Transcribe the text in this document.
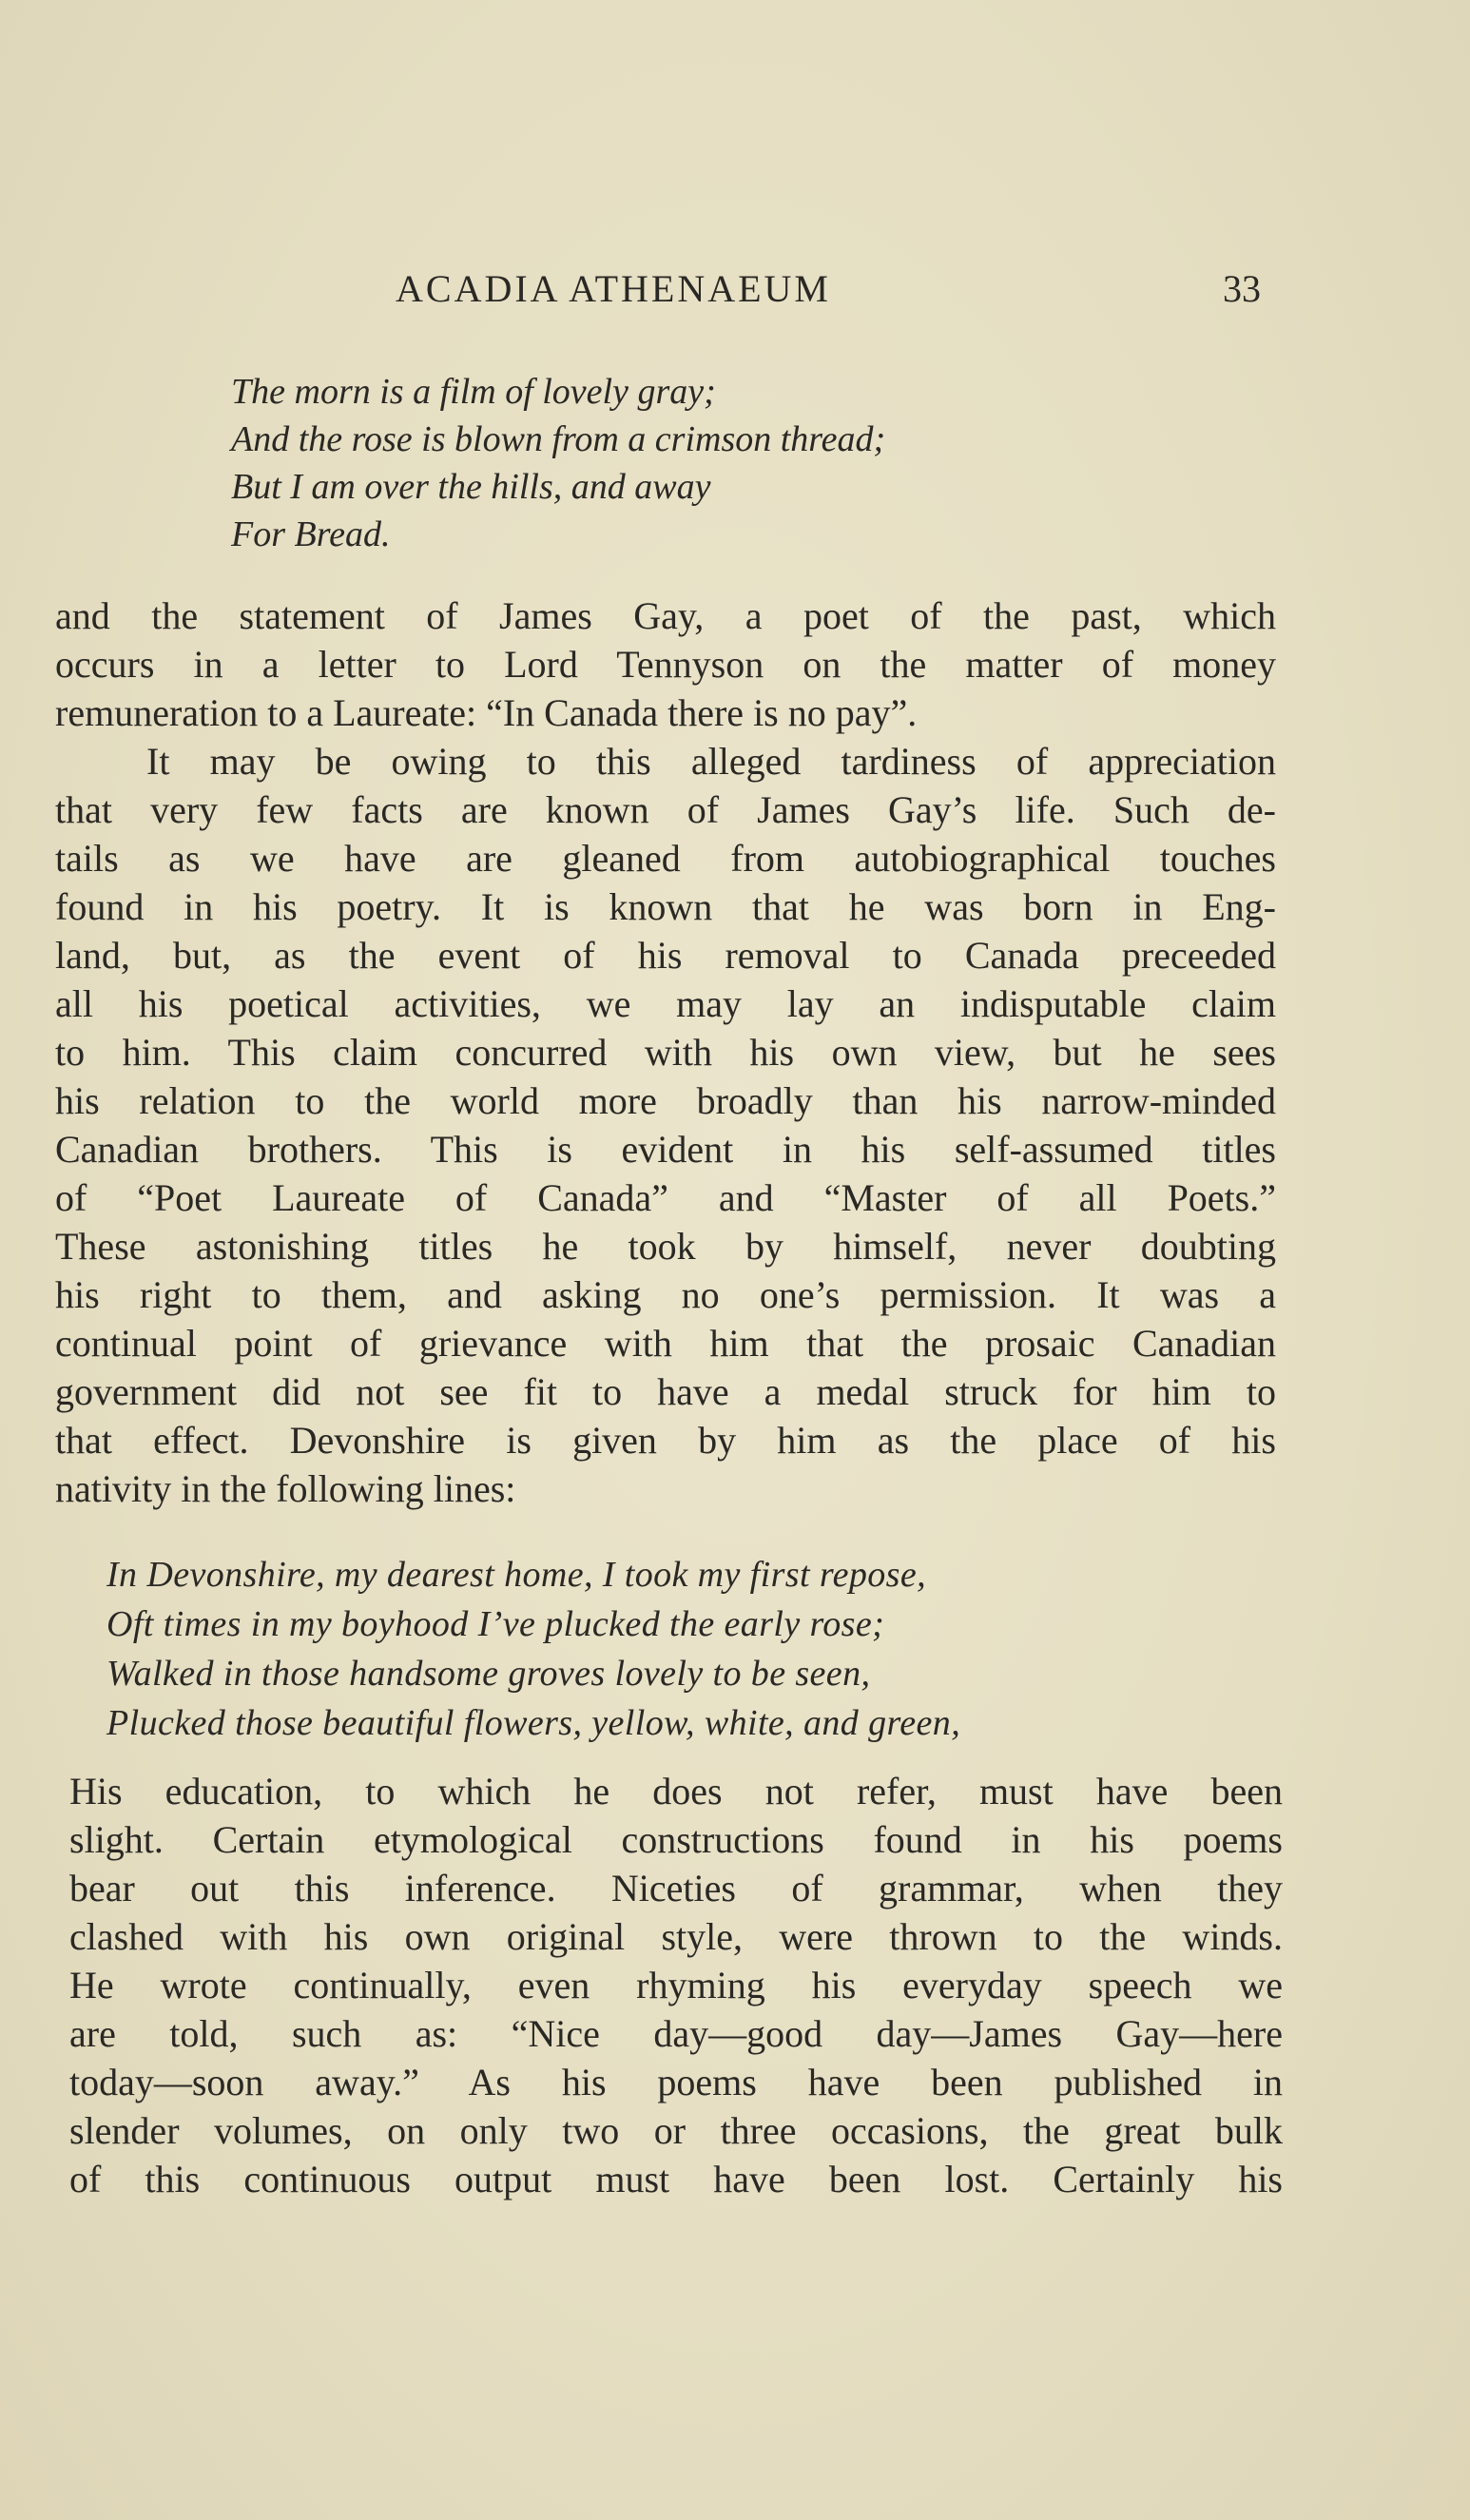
ACADIA ATHENAEUM	33
The morn is a film of lovely gray;
And the rose is blown from a crimson thread;
But I am over the hills, and away
For Bread.
and the statement of James Gay, a poet of the past, which
occurs in a letter to Lord Tennyson on the matter of money
remuneration to a Laureate: “In Canada there is no pay”.
It may be owing to this alleged tardiness of appreciation
that very few facts are known of James Gay’s life. Such de-
tails as we have are gleaned from autobiographical touches
found in his poetry. It is known that he was born in Eng-
land, but, as the event of his removal to Canada preceeded
all his poetical activities, we may lay an indisputable claim
to him. This claim concurred with his own view, but he sees
his relation to the world more broadly than his narrow-minded
Canadian brothers. This is evident in his self-assumed titles
of “Poet Laureate of Canada” and “Master of all Poets.”
These astonishing titles he took by himself, never doubting
his right to them, and asking no one’s permission. It was a
continual point of grievance with him that the prosaic Canadian
government did not see fit to have a medal struck for him to
that effect. Devonshire is given by him as the place of his
nativity in the following lines:
In Devonshire, my dearest home, I took my first repose,
Oft times in my boyhood I’ve plucked the early rose;
Walked in those handsome groves lovely to be seen,
Plucked those beautiful flowers, yellow, white, and green,
His education, to which he does not refer, must have been
slight. Certain etymological constructions found in his poems
bear out this inference. Niceties of grammar, when they
clashed with his own original style, were thrown to the winds.
He wrote continually, even rhyming his everyday speech we
are told, such as: “Nice day—good day—James Gay—here
today—soon away.” As his poems have been published in
slender volumes, on only two or three occasions, the great bulk
of this continuous output must have been lost. Certainly his
